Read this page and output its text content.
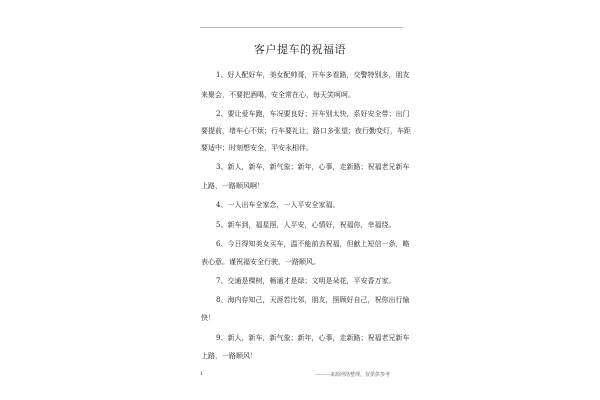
客户提车的祝福语
1、好人配好车，美女配帅哥，开车多看路，交警特别多，朋友
来聚会，不要把酒喝，安全常在心，每天笑呵呵。
2、要让爱车跑，车况要良好；开车别太快，系好安全带；出门
要提前，堵车心不烦；行车要礼让，路口多张望；夜行勤变灯，车距
要适中；时刻想安全，平安永相伴。
3、新人，新车，新气象；新年，心事，走新路；祝福老兄新车
上路，一路顺风啊！
4、一人出车全家念，一人平安全家福。
5、新车到，福星照，人平安，心情好，祝福你，幸福绕。
6、今日得知美女买车，温不能前去祝福，但献上短信一条，略
表心意。谨祝福安全行驶，一路顺风。
7、交通是棵树，畅通才是绿；文明是朵花，平安香万家。
8、海内存知己，天涯若比邻，朋友，照顾好自己，祝你出行愉
快！
9、新人，新车，新气象；新年，心事，走新路；祝福老兄新车
上路，一路顺风！
1	———来源网络整理，仅供供参考
